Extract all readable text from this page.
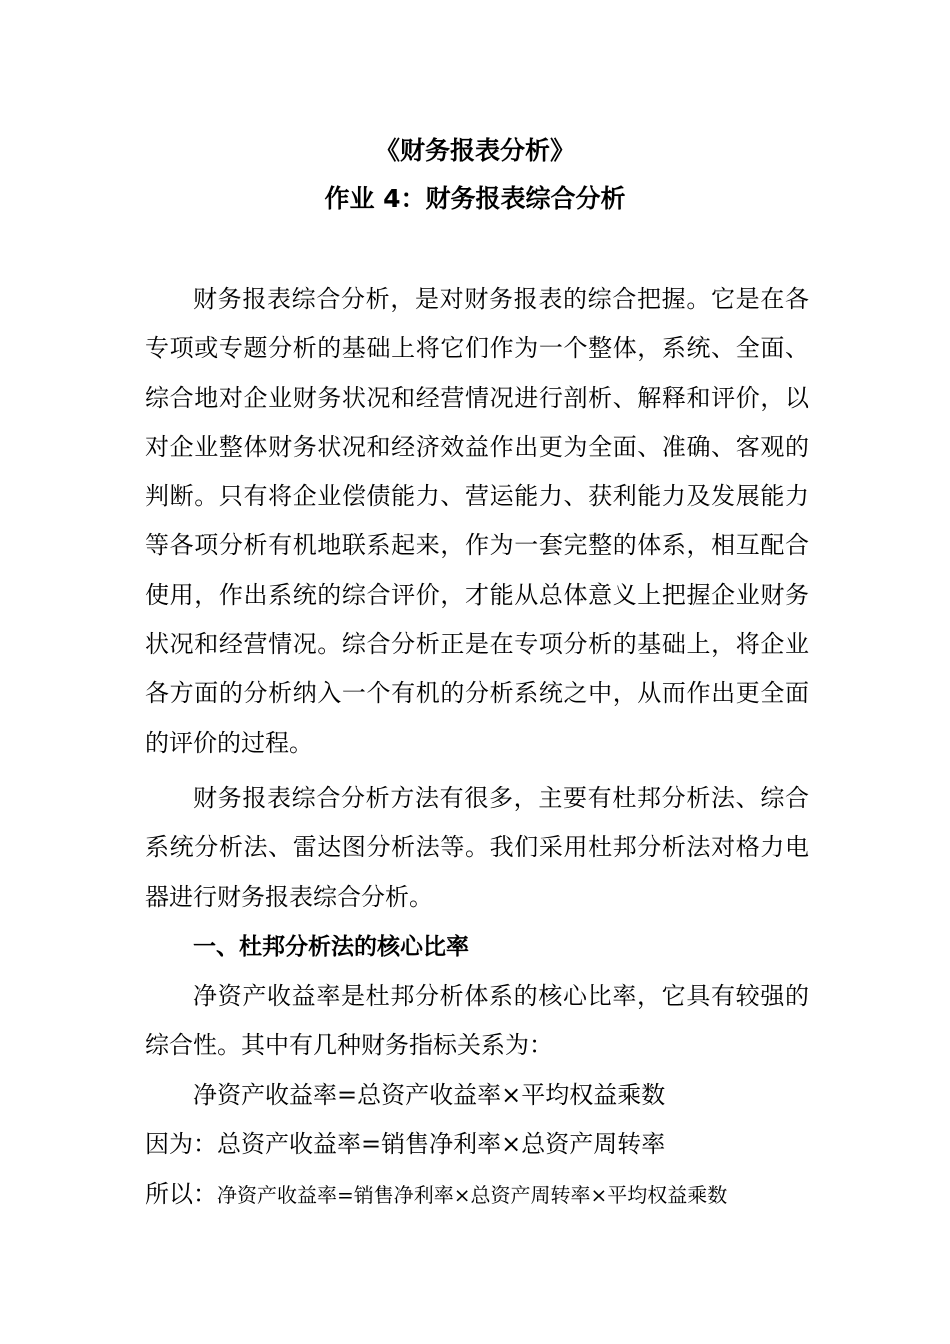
《财务报表分析》
作业 4：财务报表综合分析

财务报表综合分析，是对财务报表的综合把握。它是在各专项或专题分析的基础上将它们作为一个整体，系统、全面、综合地对企业财务状况和经营情况进行剖析、解释和评价，以对企业整体财务状况和经济效益作出更为全面、准确、客观的判断。只有将企业偿债能力、营运能力、获利能力及发展能力等各项分析有机地联系起来，作为一套完整的体系，相互配合使用，作出系统的综合评价，才能从总体意义上把握企业财务状况和经营情况。综合分析正是在专项分析的基础上，将企业各方面的分析纳入一个有机的分析系统之中，从而作出更全面的评价的过程。

财务报表综合分析方法有很多，主要有杜邦分析法、综合系统分析法、雷达图分析法等。我们采用杜邦分析法对格力电器进行财务报表综合分析。

一、杜邦分析法的核心比率

净资产收益率是杜邦分析体系的核心比率，它具有较强的综合性。其中有几种财务指标关系为：

净资产收益率=总资产收益率×平均权益乘数

因为：总资产收益率=销售净利率×总资产周转率

所以：净资产收益率=销售净利率×总资产周转率×平均权益乘数
